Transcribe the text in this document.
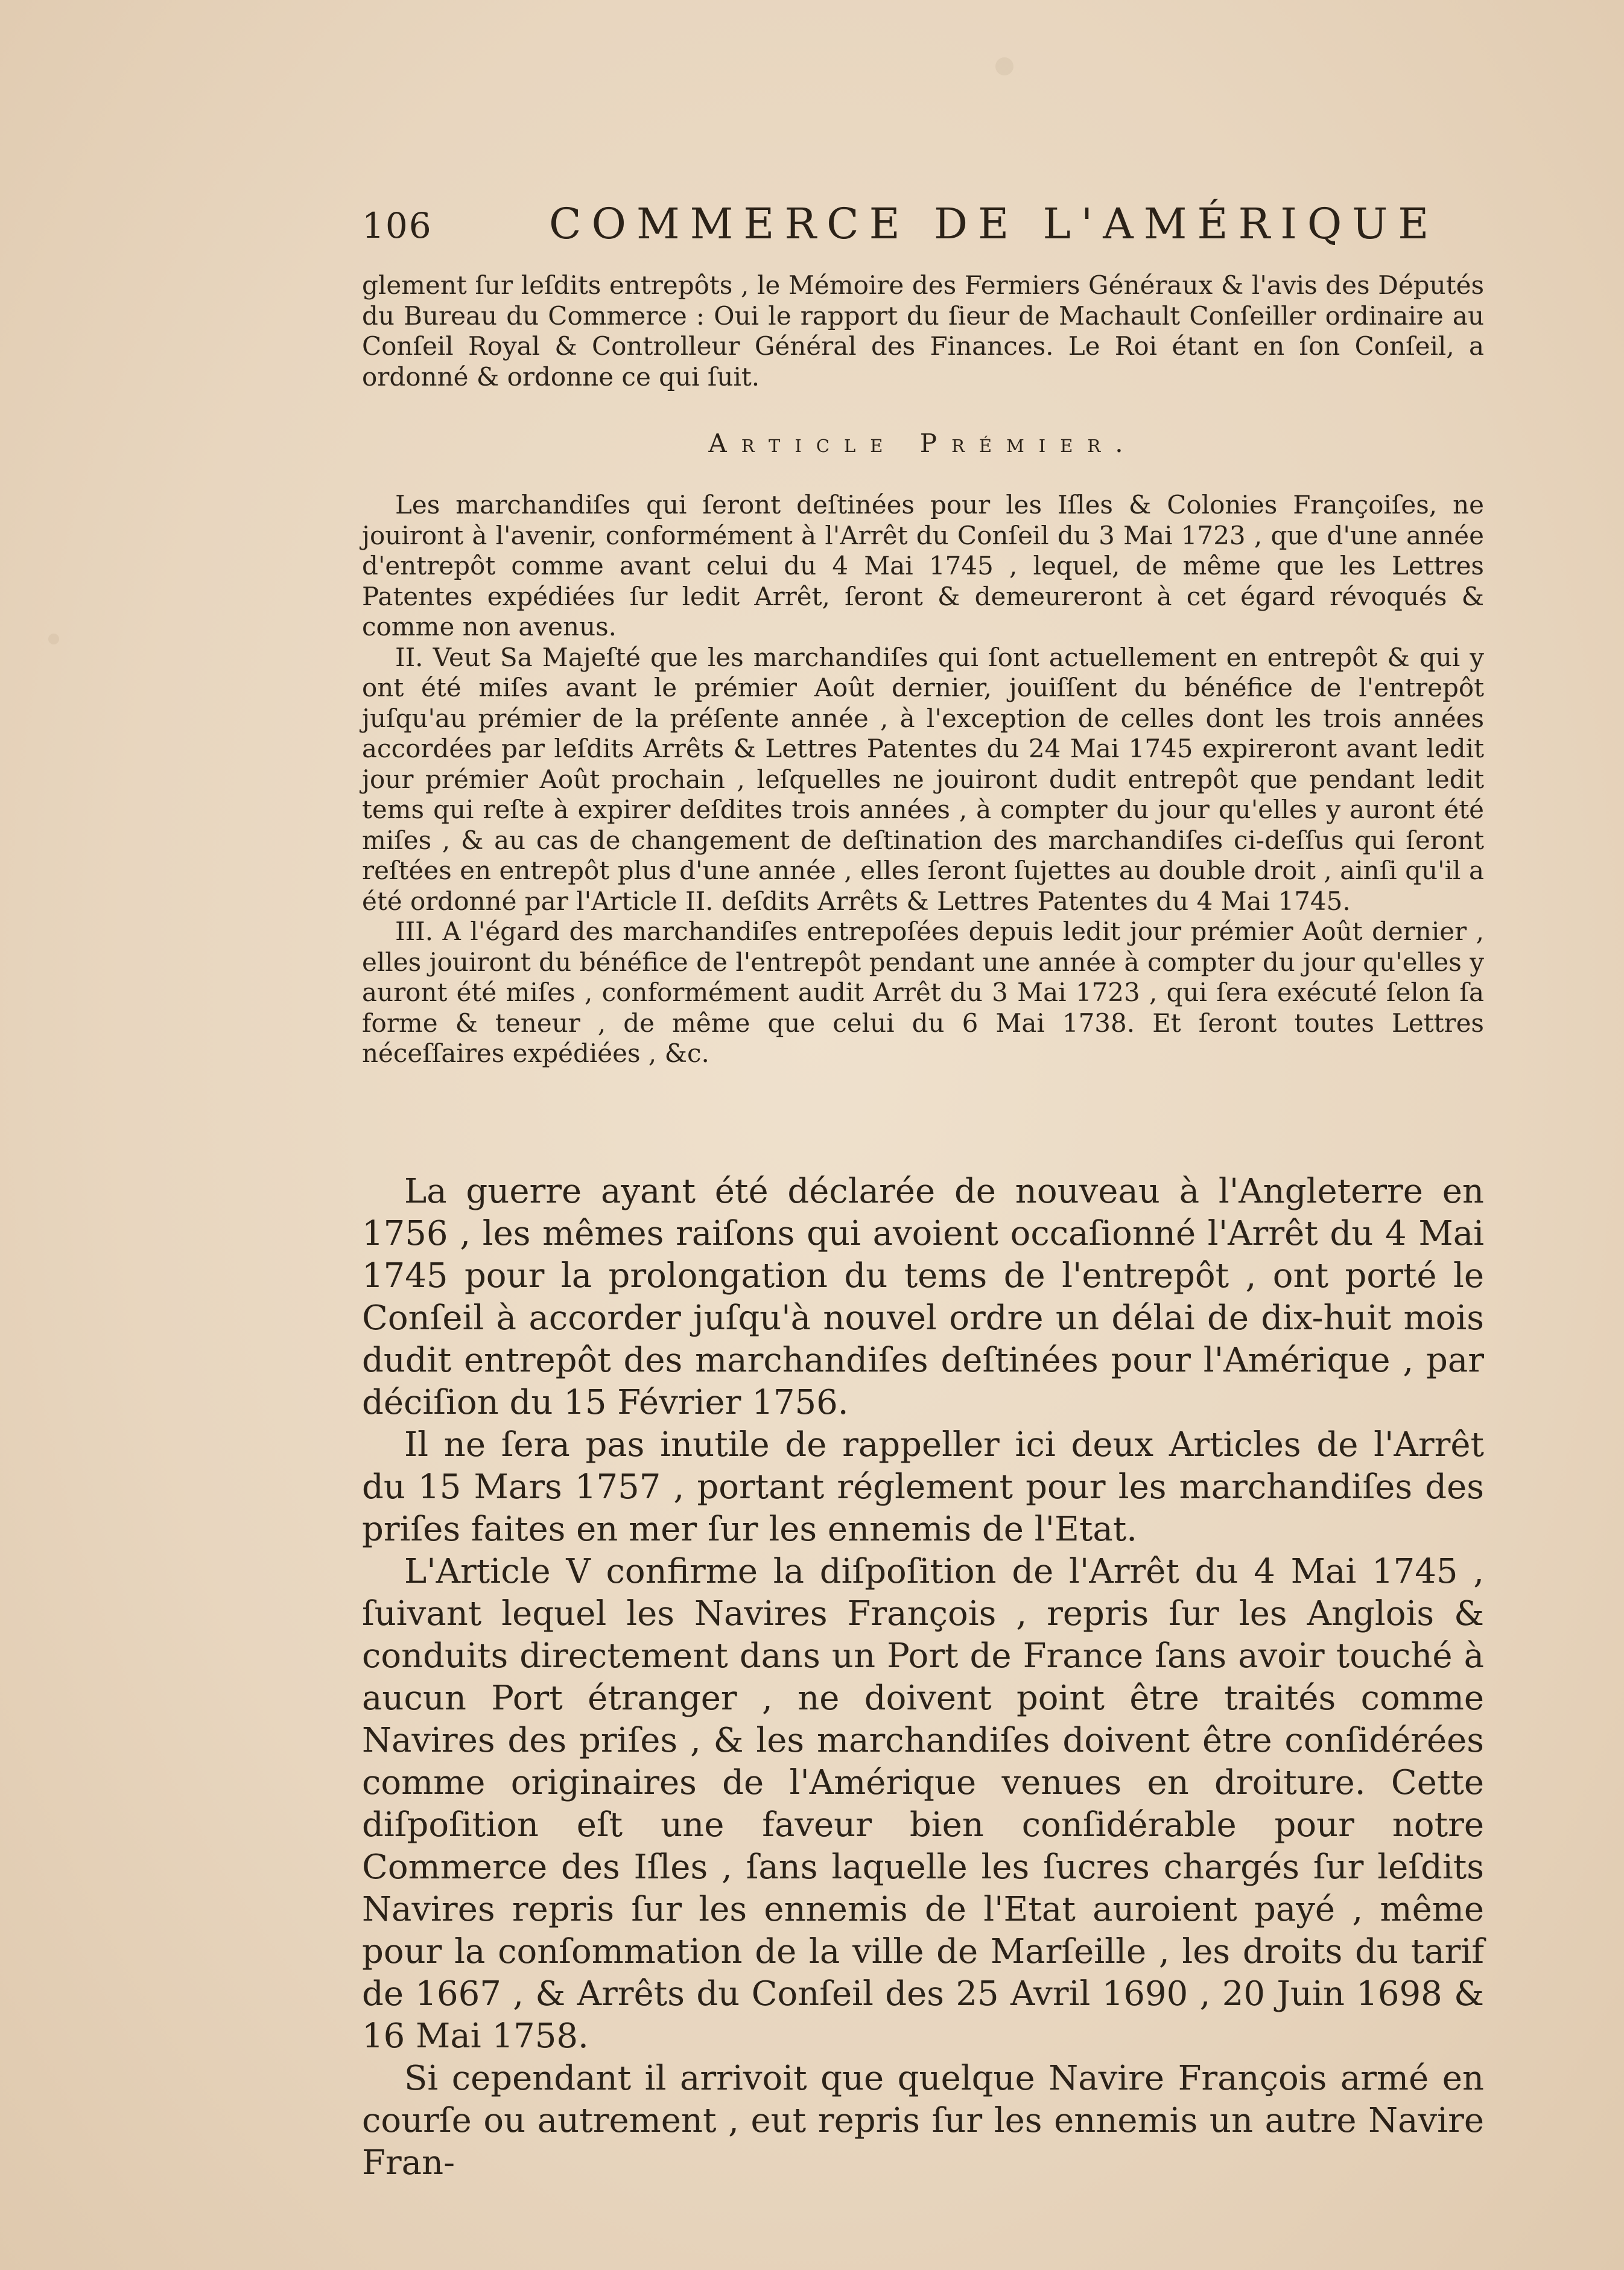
106	COMMERCE DE L'AMÉRIQUE

glement ſur leſdits entrepôts , le Mémoire des Fermiers Généraux & l'avis des Députés du Bureau du Commerce : Oui le rapport du ſieur de Machault Conſeiller ordinaire au Conſeil Royal & Controlleur Général des Finances. Le Roi étant en ſon Conſeil, a ordonné & ordonne ce qui ſuit.

Article Prémier.

Les marchandiſes qui ſeront deſtinées pour les Iſles & Colonies Françoiſes, ne jouiront à l'avenir, conformément à l'Arrêt du Conſeil du 3 Mai 1723 , que d'une année d'entrepôt comme avant celui du 4 Mai 1745 , lequel, de même que les Lettres Patentes expédiées ſur ledit Arrêt, ſeront & demeureront à cet égard révoqués & comme non avenus.

II. Veut Sa Majeſté que les marchandiſes qui ſont actuellement en entrepôt & qui y ont été miſes avant le prémier Août dernier, jouiſſent du bénéfice de l'entrepôt juſqu'au prémier de la préſente année , à l'exception de celles dont les trois années accordées par leſdits Arrêts & Lettres Patentes du 24 Mai 1745 expireront avant ledit jour prémier Août prochain , leſquelles ne jouiront dudit entrepôt que pendant ledit tems qui reſte à expirer deſdites trois années , à compter du jour qu'elles y auront été miſes , & au cas de changement de deſtination des marchandiſes ci-deſſus qui ſeront reſtées en entrepôt plus d'une année , elles ſeront ſujettes au double droit , ainſi qu'il a été ordonné par l'Article II. deſdits Arrêts & Lettres Patentes du 4 Mai 1745.

III. A l'égard des marchandiſes entrepoſées depuis ledit jour prémier Août dernier , elles jouiront du bénéfice de l'entrepôt pendant une année à compter du jour qu'elles y auront été miſes , conformément audit Arrêt du 3 Mai 1723 , qui ſera exécuté ſelon ſa forme & teneur , de même que celui du 6 Mai 1738. Et ſeront toutes Lettres néceſſaires expédiées , &c.

La guerre ayant été déclarée de nouveau à l'Angleterre en 1756 , les mêmes raiſons qui avoient occaſionné l'Arrêt du 4 Mai 1745 pour la prolongation du tems de l'entrepôt , ont porté le Conſeil à accorder juſqu'à nouvel ordre un délai de dix-huit mois dudit entrepôt des marchandiſes deſtinées pour l'Amérique , par déciſion du 15 Février 1756.

Il ne ſera pas inutile de rappeller ici deux Articles de l'Arrêt du 15 Mars 1757 , portant réglement pour les marchandiſes des priſes faites en mer ſur les ennemis de l'Etat.

L'Article V confirme la diſpoſition de l'Arrêt du 4 Mai 1745 , ſuivant lequel les Navires François , repris ſur les Anglois & conduits directement dans un Port de France ſans avoir touché à aucun Port étranger , ne doivent point être traités comme Navires des priſes , & les marchandiſes doivent être conſidérées comme originaires de l'Amérique venues en droiture. Cette diſpoſition eſt une faveur bien conſidérable pour notre Commerce des Iſles , ſans laquelle les ſucres chargés ſur leſdits Navires repris ſur les ennemis de l'Etat auroient payé , même pour la conſommation de la ville de Marſeille , les droits du tarif de 1667 , & Arrêts du Conſeil des 25 Avril 1690 , 20 Juin 1698 & 16 Mai 1758.

Si cependant il arrivoit que quelque Navire François armé en courſe ou autrement , eut repris ſur les ennemis un autre Navire Fran-
